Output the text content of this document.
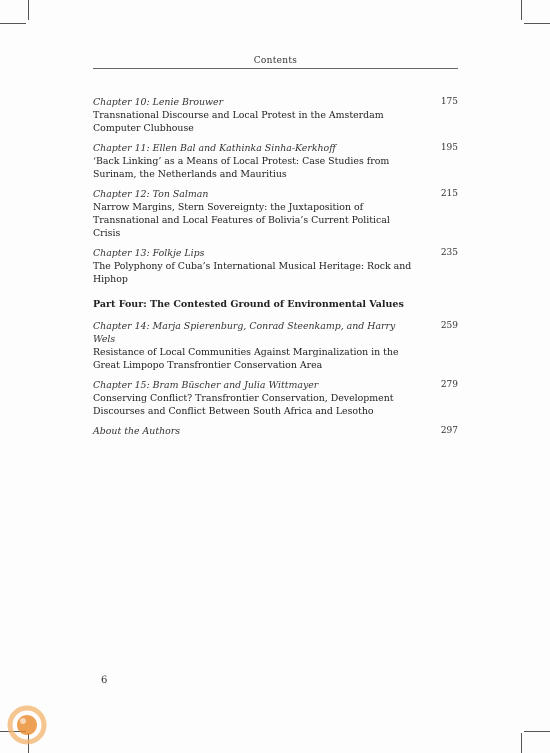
Contents
Chapter 10: Lenie Brouwer
Transnational Discourse and Local Protest in the Amsterdam Computer Clubhouse
175
Chapter 11: Ellen Bal and Kathinka Sinha-Kerkhoff
‘Back Linking’ as a Means of Local Protest: Case Studies from Surinam, the Netherlands and Mauritius
195
Chapter 12: Ton Salman
Narrow Margins, Stern Sovereignty: the Juxtaposition of Transnational and Local Features of Bolivia’s Current Political Crisis
215
Chapter 13: Folkje Lips
The Polyphony of Cuba’s International Musical Heritage: Rock and Hiphop
235
Part Four: The Contested Ground of Environmental Values
Chapter 14: Marja Spierenburg, Conrad Steenkamp, and Harry Wels
Resistance of Local Communities Against Marginalization in the Great Limpopo Transfrontier Conservation Area
259
Chapter 15: Bram Büscher and Julia Wittmayer
Conserving Conflict? Transfrontier Conservation, Development Discourses and Conflict Between South Africa and Lesotho
279
About the Authors	297
6
